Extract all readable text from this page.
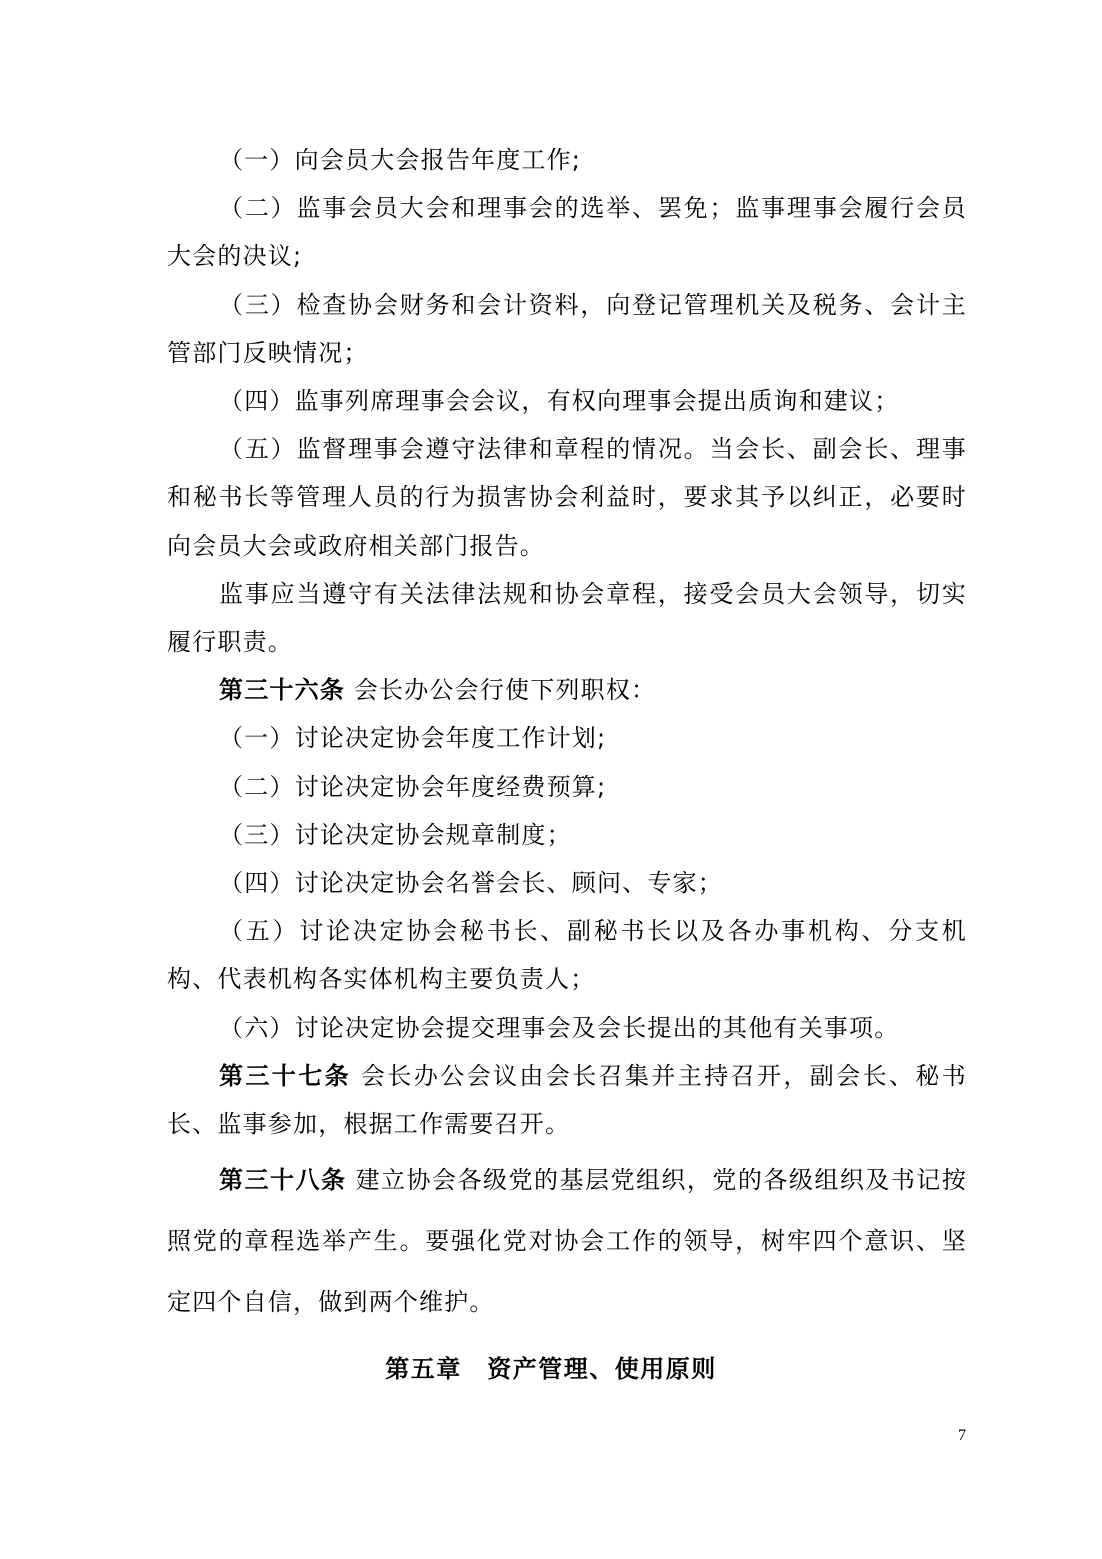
（一）向会员大会报告年度工作;

（二）监事会员大会和理事会的选举、罢免；监事理事会履行会员大会的决议;

（三）检查协会财务和会计资料，向登记管理机关及税务、会计主管部门反映情况；

（四）监事列席理事会会议，有权向理事会提出质询和建议；

（五）监督理事会遵守法律和章程的情况。当会长、副会长、理事和秘书长等管理人员的行为损害协会利益时，要求其予以纠正，必要时向会员大会或政府相关部门报告。

监事应当遵守有关法律法规和协会章程，接受会员大会领导，切实履行职责。

第三十六条 会长办公会行使下列职权：

（一）讨论决定协会年度工作计划;

（二）讨论决定协会年度经费预算;

（三）讨论决定协会规章制度；

（四）讨论决定协会名誉会长、顾问、专家；

（五）讨论决定协会秘书长、副秘书长以及各办事机构、分支机构、代表机构各实体机构主要负责人；

（六）讨论决定协会提交理事会及会长提出的其他有关事项。

第三十七条 会长办公会议由会长召集并主持召开，副会长、秘书长、监事参加，根据工作需要召开。

第三十八条 建立协会各级党的基层党组织，党的各级组织及书记按照党的章程选举产生。要强化党对协会工作的领导，树牢四个意识、坚定四个自信，做到两个维护。

第五章　资产管理、使用原则
7
